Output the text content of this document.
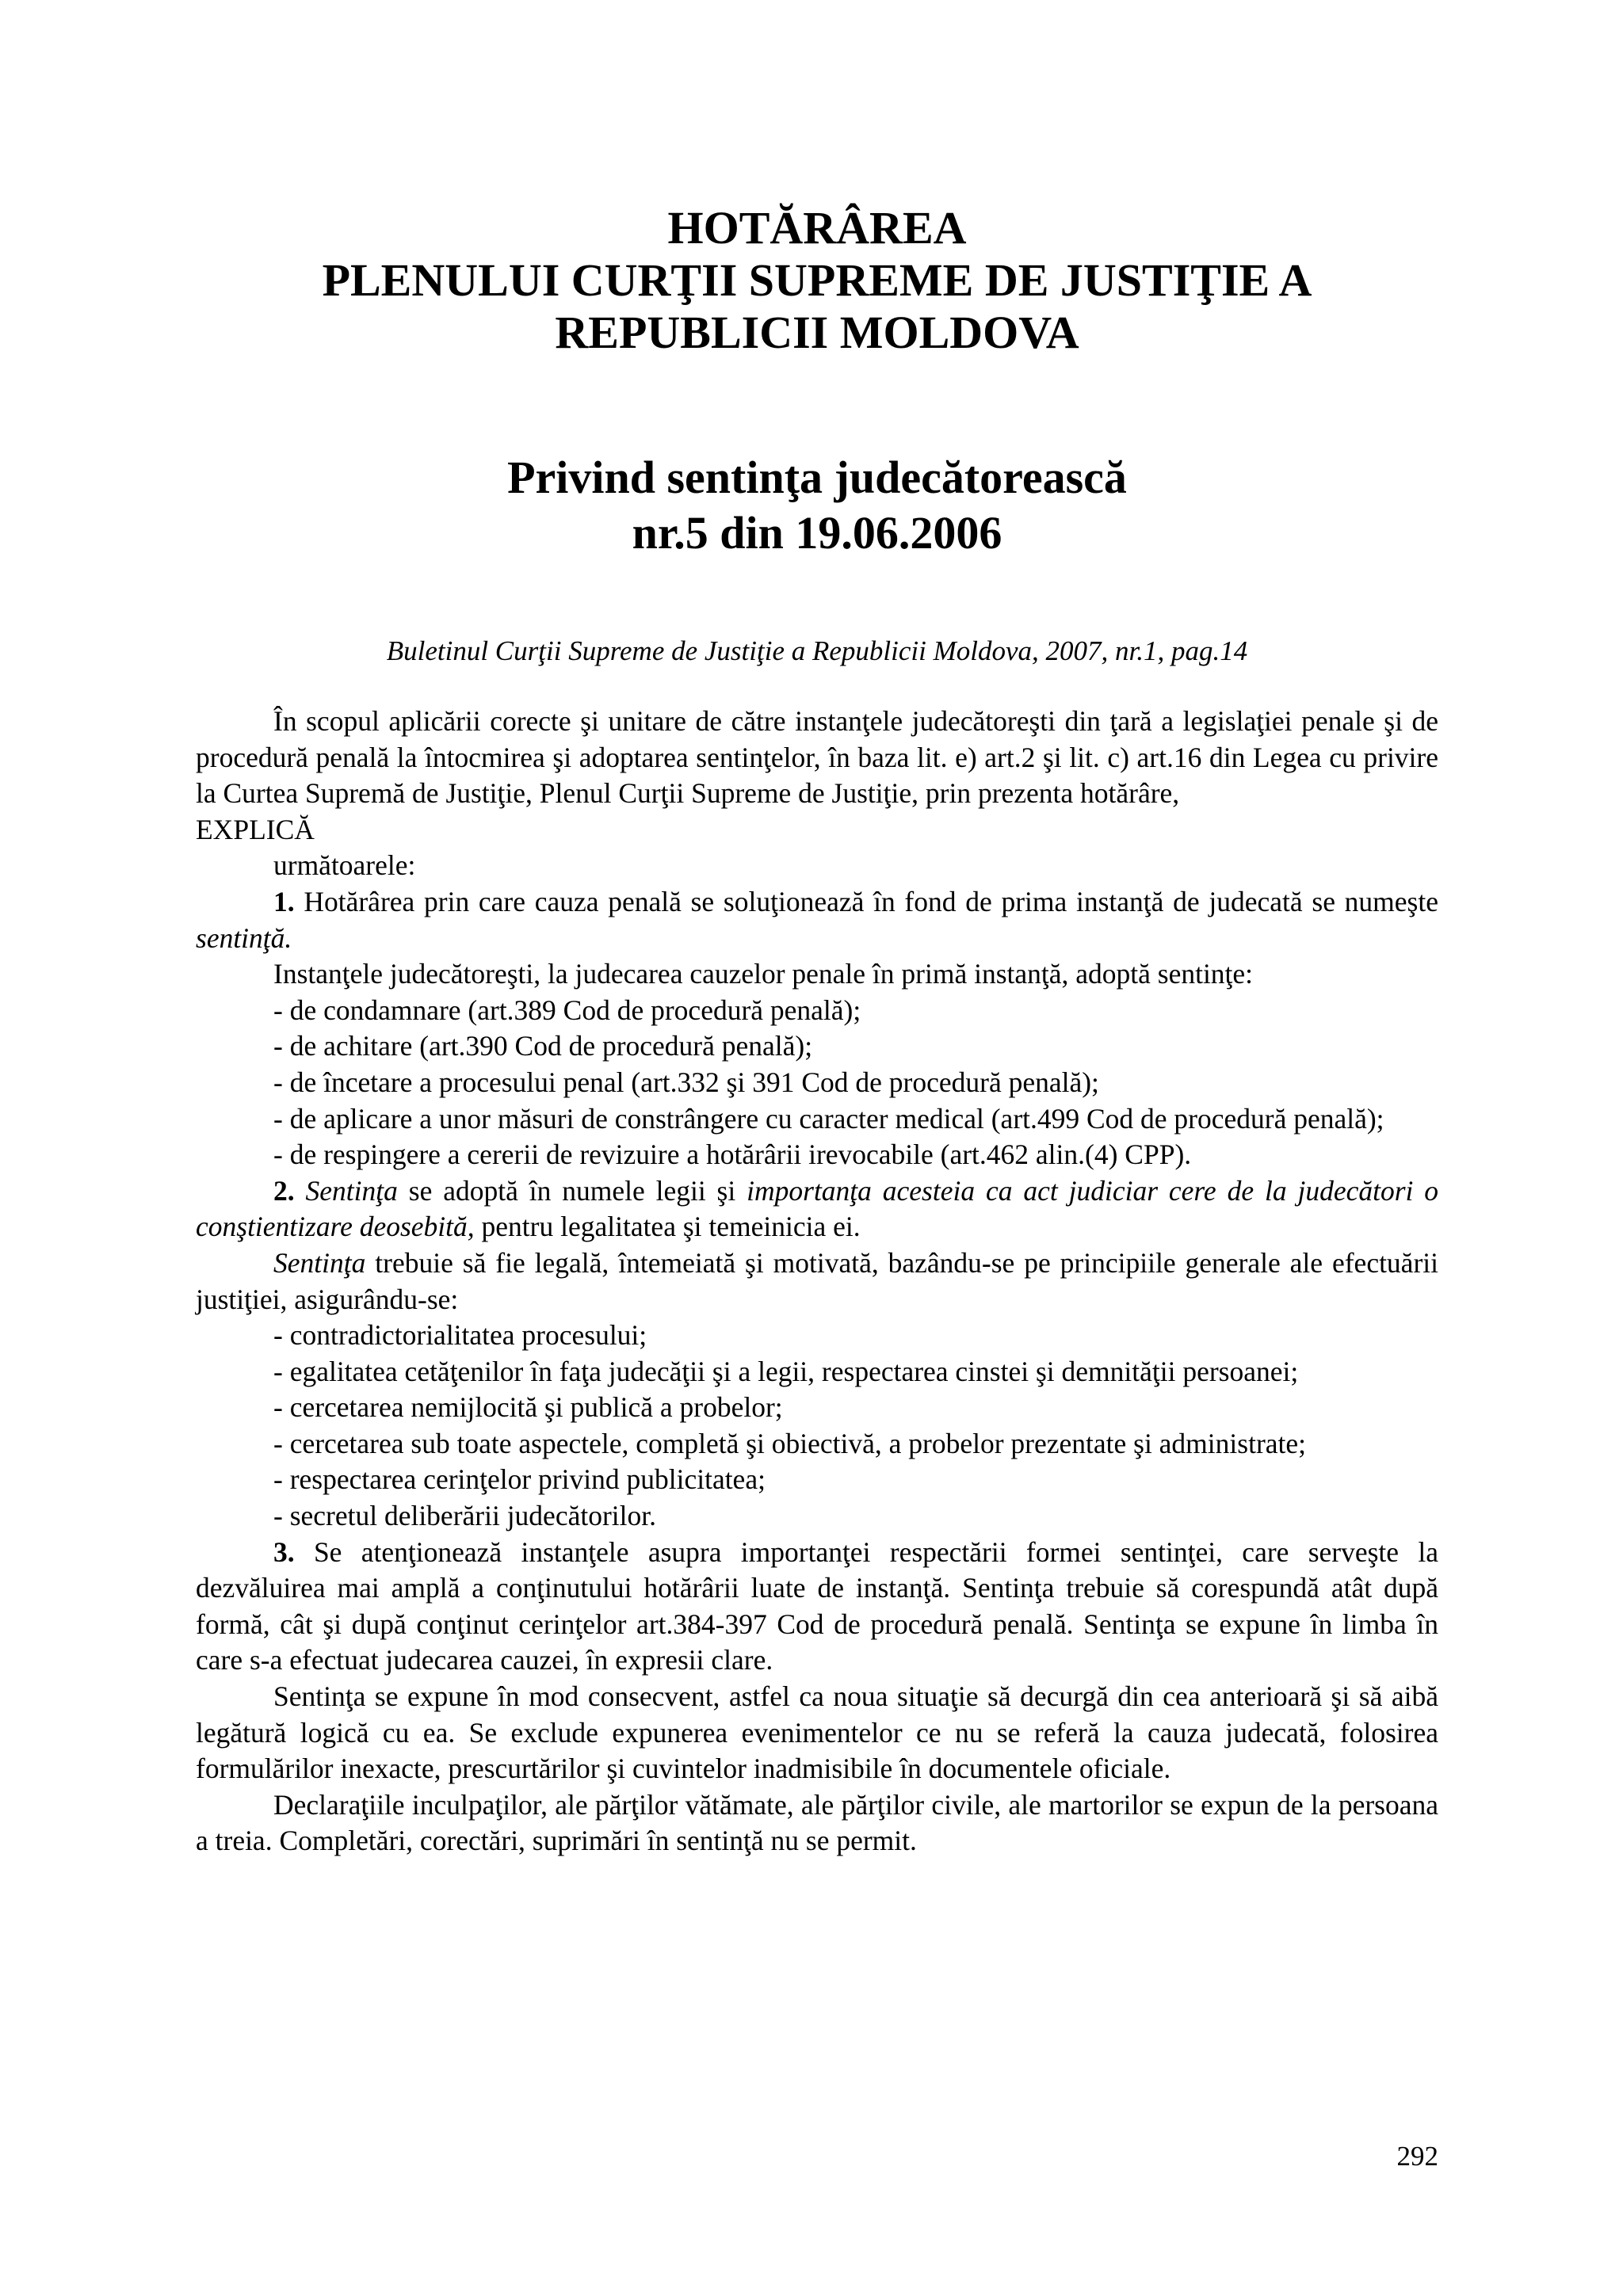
HOTĂRÂREA

PLENULUI CURŢII SUPREME DE JUSTIŢIE A

REPUBLICII MOLDOVA

Privind sentinţa judecătorească

nr.5 din 19.06.2006

Buletinul Curţii Supreme de Justiţie a Republicii Moldova, 2007, nr.1, pag.14

În scopul aplicării corecte şi unitare de către instanţele judecătoreşti din ţară a legislaţiei penale şi de procedură penală la întocmirea şi adoptarea sentinţelor, în baza lit. e) art.2 şi lit. c) art.16 din Legea cu privire la Curtea Supremă de Justiţie, Plenul Curţii Supreme de Justiţie, prin prezenta hotărâre,

EXPLICĂ

următoarele:

1. Hotărârea prin care cauza penală se soluţionează în fond de prima instanţă de judecată se numeşte sentinţă.

Instanţele judecătoreşti, la judecarea cauzelor penale în primă instanţă, adoptă sentinţe:

- de condamnare (art.389 Cod de procedură penală);

- de achitare (art.390 Cod de procedură penală);

- de încetare a procesului penal (art.332 şi 391 Cod de procedură penală);

- de aplicare a unor măsuri de constrângere cu caracter medical (art.499 Cod de procedură penală);

- de respingere a cererii de revizuire a hotărârii irevocabile (art.462 alin.(4) CPP).

2. Sentinţa se adoptă în numele legii şi importanţa acesteia ca act judiciar cere de la judecători o conştientizare deosebită, pentru legalitatea şi temeinicia ei.

Sentinţa trebuie să fie legală, întemeiată şi motivată, bazându-se pe principiile generale ale efectuării justiţiei, asigurându-se:

- contradictorialitatea procesului;

- egalitatea cetăţenilor în faţa judecăţii şi a legii, respectarea cinstei şi demnităţii persoanei;

- cercetarea nemijlocită şi publică a probelor;

- cercetarea sub toate aspectele, completă şi obiectivă, a probelor prezentate şi administrate;

- respectarea cerinţelor privind publicitatea;

- secretul deliberării judecătorilor.

3. Se atenţionează instanţele asupra importanţei respectării formei sentinţei, care serveşte la dezvăluirea mai amplă a conţinutului hotărârii luate de instanţă. Sentinţa trebuie să corespundă atât după formă, cât şi după conţinut cerinţelor art.384-397 Cod de procedură penală. Sentinţa se expune în limba în care s-a efectuat judecarea cauzei, în expresii clare.

Sentinţa se expune în mod consecvent, astfel ca noua situaţie să decurgă din cea anterioară şi să aibă legătură logică cu ea. Se exclude expunerea evenimentelor ce nu se referă la cauza judecată, folosirea formulărilor inexacte, prescurtărilor şi cuvintelor inadmisibile în documentele oficiale.

Declaraţiile inculpaţilor, ale părţilor vătămate, ale părţilor civile, ale martorilor se expun de la persoana a treia. Completări, corectări, suprimări în sentinţă nu se permit.

292
